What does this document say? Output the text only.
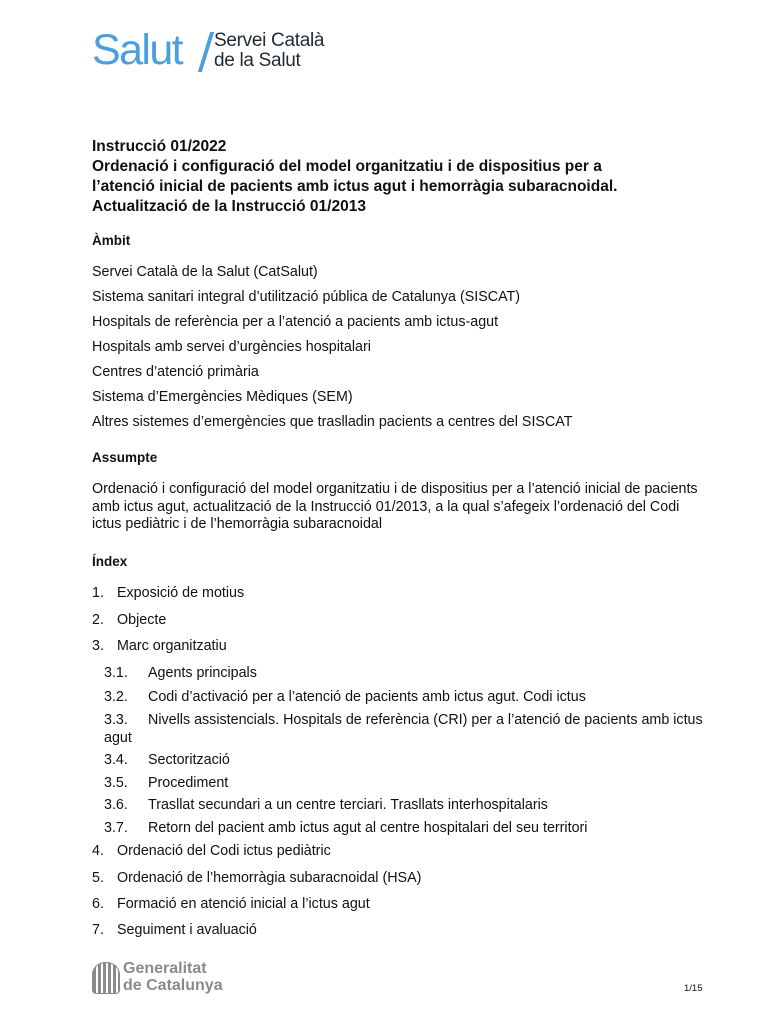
Salut Servei Català
de la Salut
Instrucció 01/2022
Ordenació i configuració del model organitzatiu i de dispositius per a
l’atenció inicial de pacients amb ictus agut i hemorràgia subaracnoidal.
Actualització de la Instrucció 01/2013
Àmbit
Servei Català de la Salut (CatSalut)
Sistema sanitari integral d’utilització pública de Catalunya (SISCAT)
Hospitals de referència per a l’atenció a pacients amb ictus-agut
Hospitals amb servei d’urgències hospitalari
Centres d’atenció primària
Sistema d’Emergències Mèdiques (SEM)
Altres sistemes d’emergències que traslladin pacients a centres del SISCAT
Assumpte
Ordenació i configuració del model organitzatiu i de dispositius per a l’atenció inicial de pacients amb ictus agut, actualització de la Instrucció 01/2013, a la qual s’afegeix l’ordenació del Codi ictus pediàtric i de l’hemorràgia subaracnoidal
Índex
1. Exposició de motius
2. Objecte
3. Marc organitzatiu
3.1. Agents principals
3.2. Codi d’activació per a l’atenció de pacients amb ictus agut. Codi ictus
3.3.	Nivells assistencials. Hospitals de referència (CRI) per a l’atenció de pacients amb ictus agut
3.4. Sectorització
3.5. Procediment
3.6. Trasllat secundari a un centre terciari. Trasllats interhospitalaris
3.7. Retorn del pacient amb ictus agut al centre hospitalari del seu territori
4. Ordenació del Codi ictus pediàtric
5. Ordenació de l’hemorràgia subaracnoidal (HSA)
6. Formació en atenció inicial a l’ictus agut
7. Seguiment i avaluació
Generalitat
de Catalunya	1/15
